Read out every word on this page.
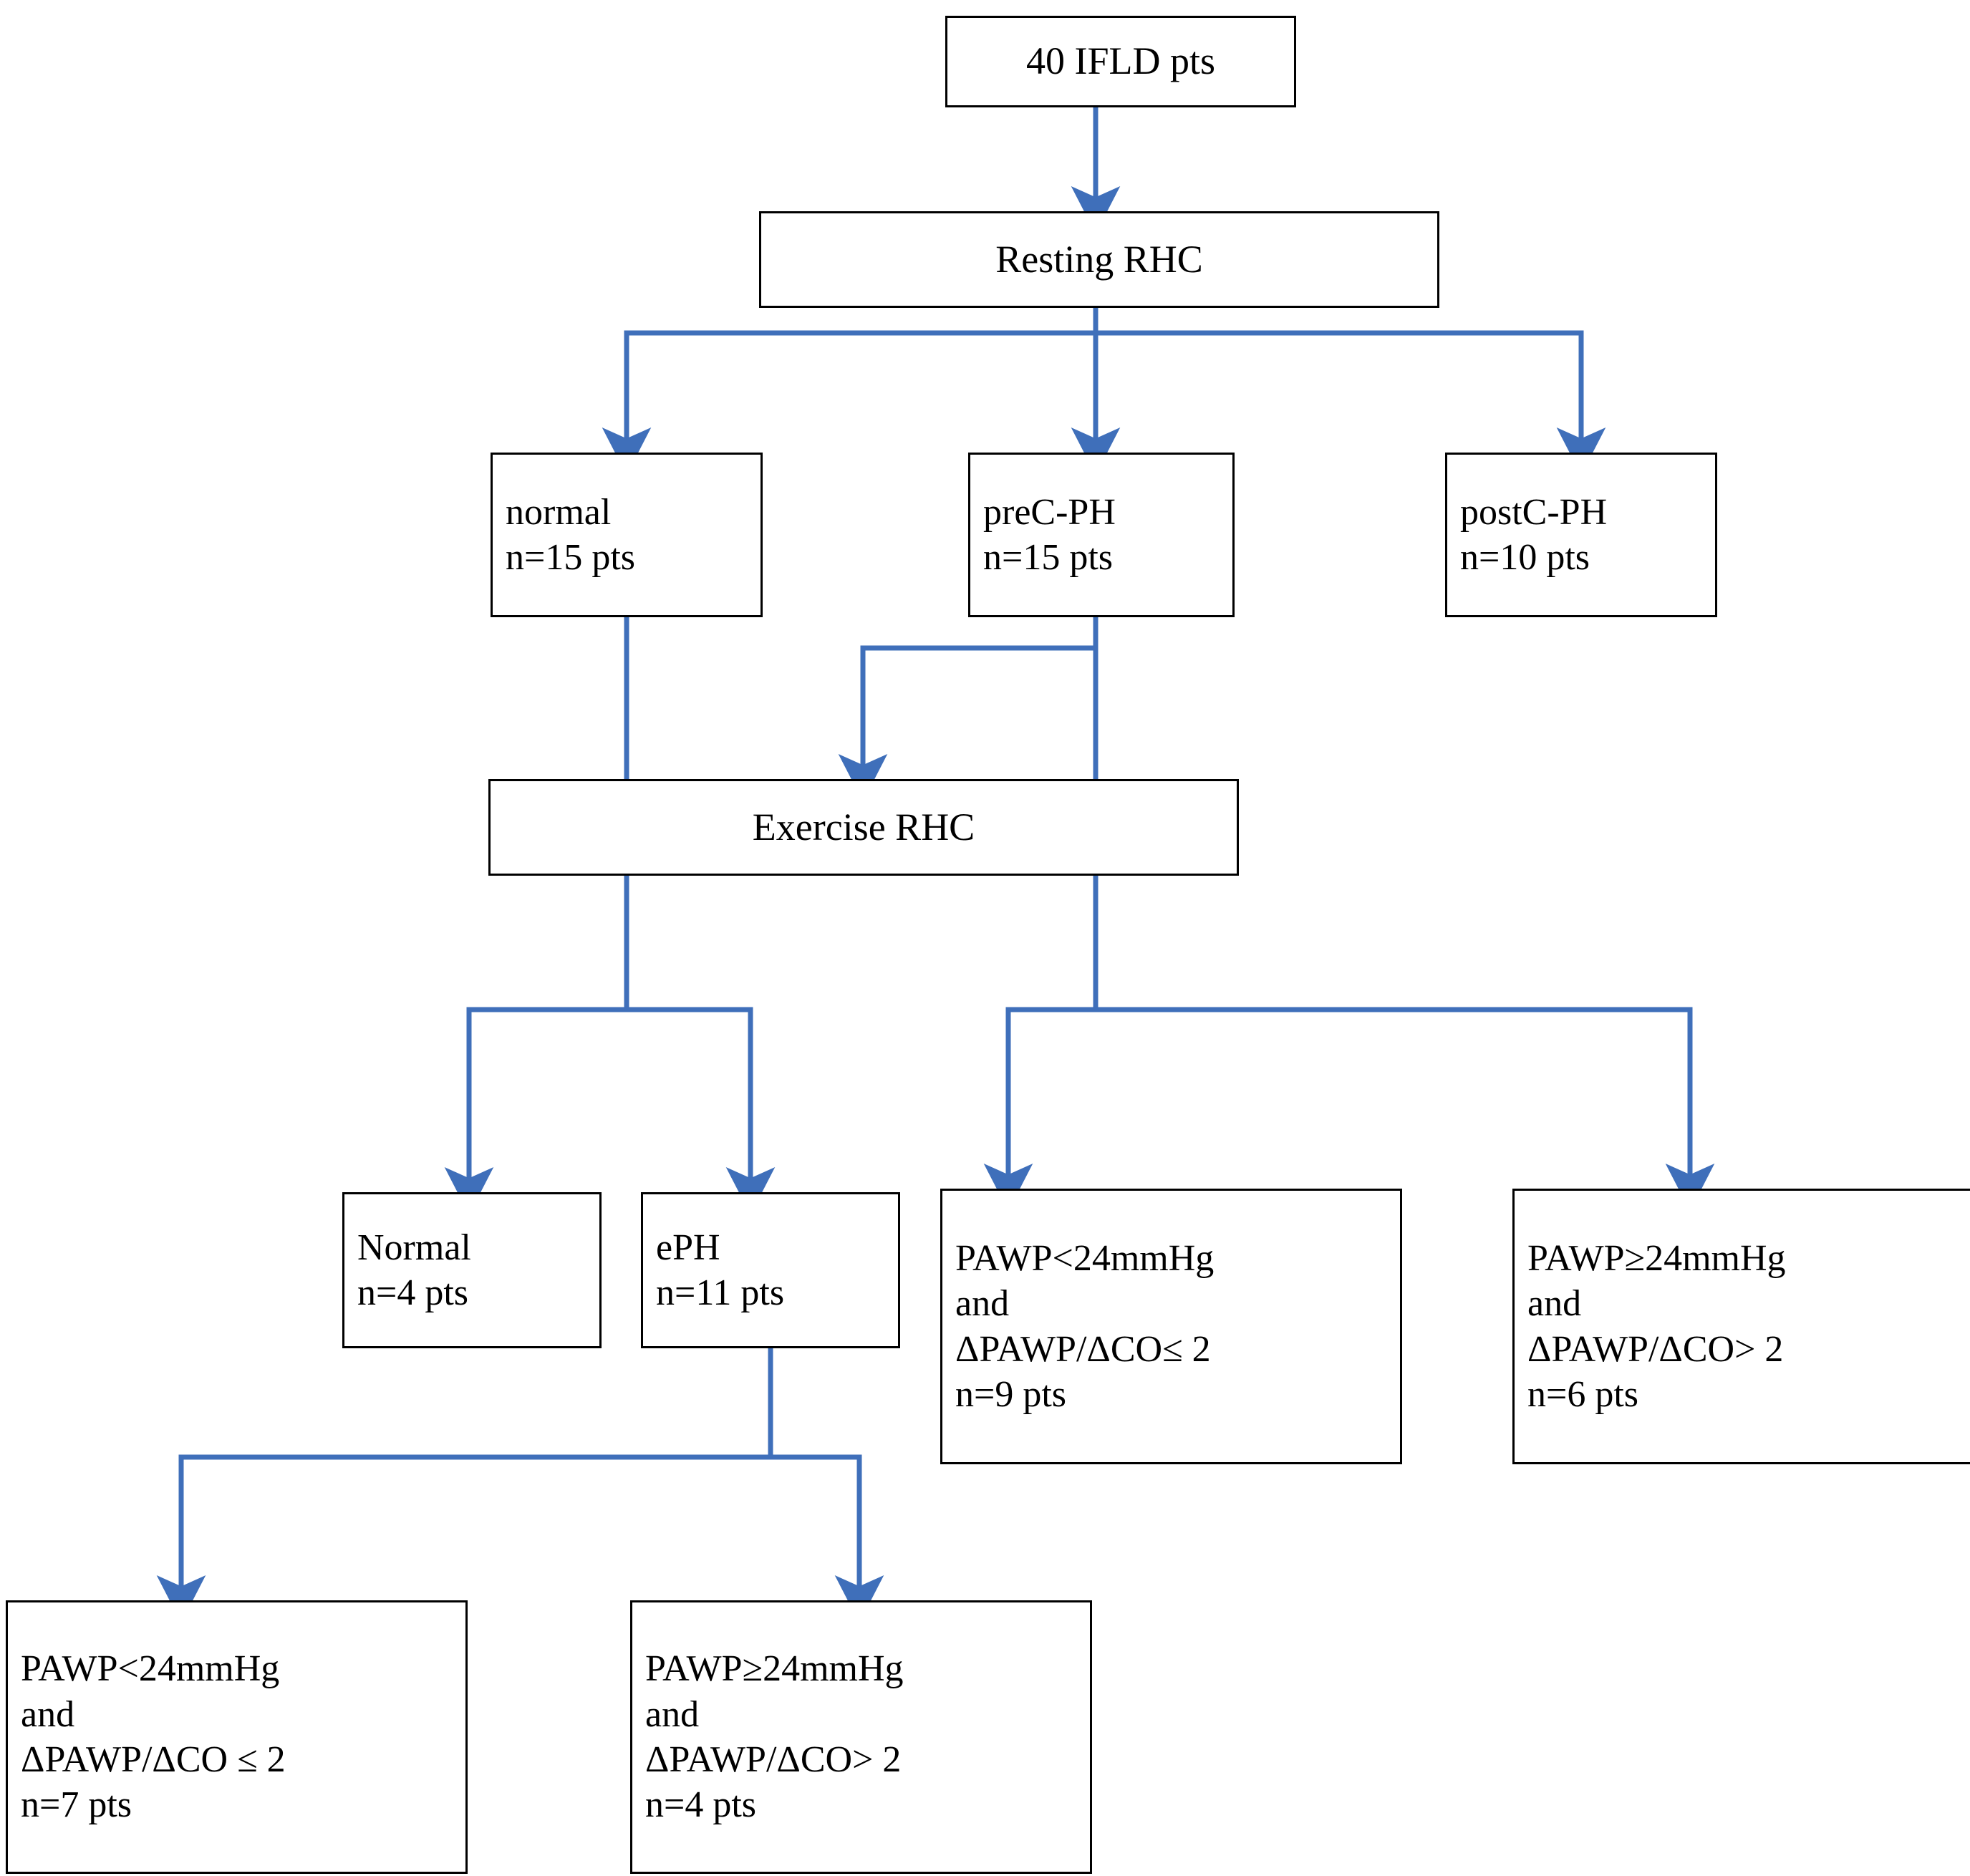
40 IFLD pts
Resting RHC
normal
n=15 pts
preC-PH
n=15 pts
postC-PH
n=10 pts
Exercise RHC
Normal
n=4 pts
ePH
n=11 pts
PAWP<24mmHg
and
ΔPAWP/ΔCO≤ 2
n=9 pts
PAWP≥24mmHg
and
ΔPAWP/ΔCO> 2
n=6 pts
PAWP<24mmHg
and
ΔPAWP/ΔCO ≤ 2
n=7 pts
PAWP≥24mmHg
and
ΔPAWP/ΔCO> 2
n=4 pts
